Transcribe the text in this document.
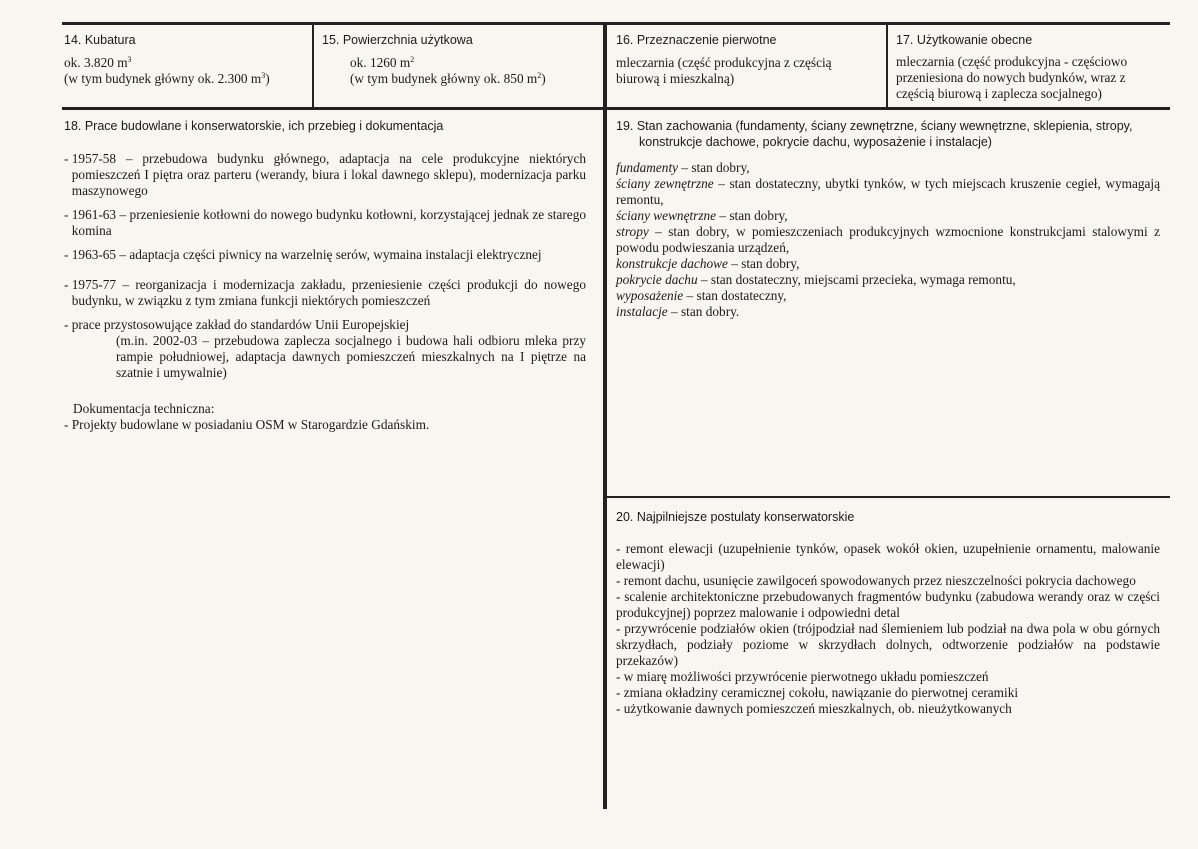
14. Kubatura
ok. 3.820 $m^3$
(w tym budynek główny ok. 2.300 $m^3$)
15. Powierzchnia użytkowa
ok. 1260 $m^2$
(w tym budynek główny ok. 850 $m^2$)
16. Przeznaczenie pierwotne
mleczarnia (część produkcyjna z częścią
biurową i mieszkalną)
17. Użytkowanie obecne
mleczarnia (część produkcyjna - częściowo
przeniesiona do nowych budynków, wraz z
częścią biurową i zaplecza socjalnego)
18. Prace budowlane i konserwatorskie, ich przebieg i dokumentacja
- 1957-58 – przebudowa budynku głównego, adaptacja na cele produkcyjne niektórych pomieszczeń I piętra oraz parteru (werandy, biura i lokal dawnego sklepu), modernizacja parku maszynowego
- 1961-63 – przeniesienie kotłowni do nowego budynku kotłowni, korzystającej jednak ze starego komina
- 1963-65 – adaptacja części piwnicy na warzelnię serów, wymaina instalacji elektrycznej
- 1975-77 – reorganizacja i modernizacja zakładu, przeniesienie części produkcji do nowego budynku, w związku z tym zmiana funkcji niektórych pomieszczeń
- prace przystosowujące zakład do standardów Unii Europejskiej
(m.in. 2002-03 – przebudowa zaplecza socjalnego i budowa hali odbioru mleka przy rampie południowej, adaptacja dawnych pomieszczeń mieszkalnych na I piętrze na szatnie i umywalnie)
Dokumentacja techniczna:
- Projekty budowlane w posiadaniu OSM w Starogardzie Gdańskim.
19. Stan zachowania (fundamenty, ściany zewnętrzne, ściany wewnętrzne, sklepienia, stropy,
konstrukcje dachowe, pokrycie dachu, wyposażenie i instalacje)
fundamenty – stan dobry,
ściany zewnętrzne – stan dostateczny, ubytki tynków, w tych miejscach kruszenie cegieł, wymagają remontu,
ściany wewnętrzne – stan dobry,
stropy – stan dobry, w pomieszczeniach produkcyjnych wzmocnione konstrukcjami stalowymi z powodu podwieszania urządzeń,
konstrukcje dachowe – stan dobry,
pokrycie dachu – stan dostateczny, miejscami przecieka, wymaga remontu,
wyposażenie – stan dostateczny,
instalacje – stan dobry.
20. Najpilniejsze postulaty konserwatorskie
- remont elewacji (uzupełnienie tynków, opasek wokół okien, uzupełnienie ornamentu, malowanie elewacji)
- remont dachu, usunięcie zawilgoceń spowodowanych przez nieszczelności pokrycia dachowego
- scalenie architektoniczne przebudowanych fragmentów budynku (zabudowa werandy oraz w części produkcyjnej) poprzez malowanie i odpowiedni detal
- przywrócenie podziałów okien (trójpodział nad ślemieniem lub podział na dwa pola w obu górnych skrzydłach, podziały poziome w skrzydłach dolnych, odtworzenie podziałów na podstawie przekazów)
- w miarę możliwości przywrócenie pierwotnego układu pomieszczeń
- zmiana okładziny ceramicznej cokołu, nawiązanie do pierwotnej ceramiki
- użytkowanie dawnych pomieszczeń mieszkalnych, ob. nieużytkowanych
